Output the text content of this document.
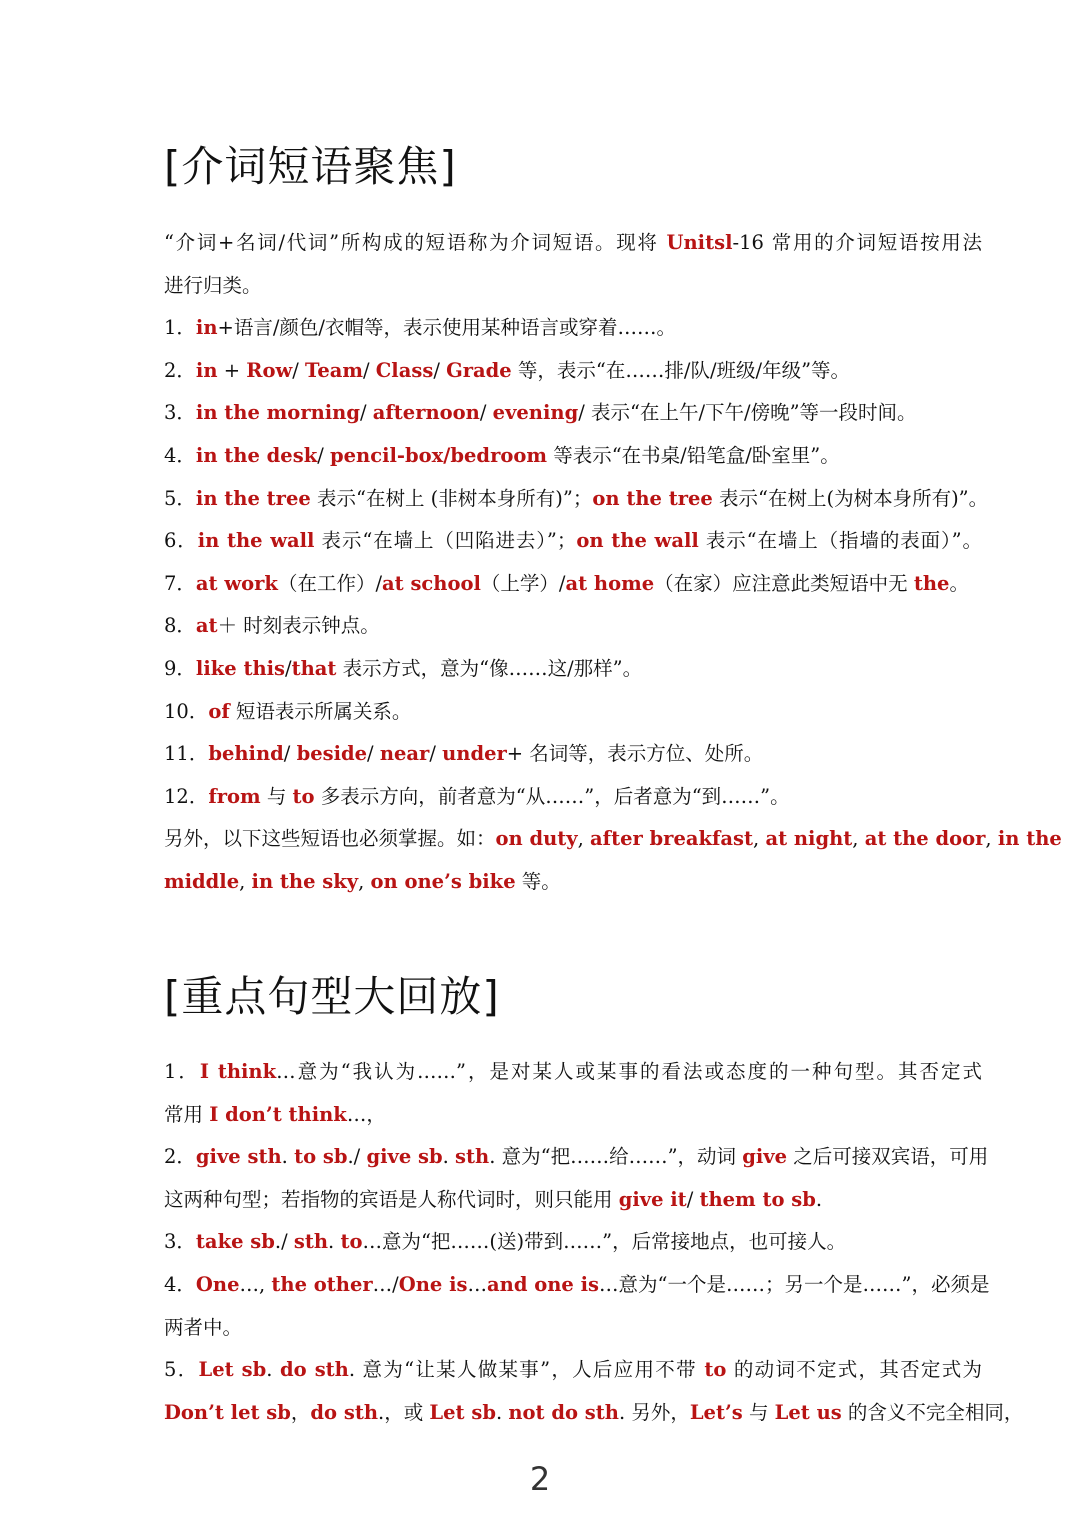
[介词短语聚焦]

“介词+名词/代词”所构成的短语称为介词短语。现将 Unitsl-16 常用的介词短语按用法

进行归类。

1．in+语言/颜色/衣帽等，表示使用某种语言或穿着……。

2．in + Row/ Team/ Class/ Grade 等，表示“在……排/队/班级/年级”等。

3．in the morning/ afternoon/ evening/ 表示“在上午/下午/傍晚”等一段时间。

4．in the desk/ pencil-box/bedroom 等表示“在书桌/铅笔盒/卧室里”。

5．in the tree 表示“在树上 (非树本身所有)”；on the tree 表示“在树上(为树本身所有)”。

6．in the wall 表示“在墙上（凹陷进去）”；on the wall 表示“在墙上（指墙的表面）”。

7．at work（在工作）/at school（上学）/at home（在家）应注意此类短语中无 the。

8．at＋ 时刻表示钟点。

9．like this/that 表示方式，意为“像……这/那样”。

10．of 短语表示所属关系。

11．behind/ beside/ near/ under+ 名词等，表示方位、处所。

12．from 与 to 多表示方向，前者意为“从……”，后者意为“到……”。

另外，以下这些短语也必须掌握。如：on duty, after breakfast, at night, at the door, in the

middle, in the sky, on one’s bike 等。

[重点句型大回放]

1．I think…意为“我认为……”，是对某人或某事的看法或态度的一种句型。其否定式

常用 I don’t think…，

2．give sth. to sb./ give sb. sth. 意为“把……给……”，动词 give 之后可接双宾语，可用

这两种句型；若指物的宾语是人称代词时，则只能用 give it/ them to sb.

3．take sb./ sth. to…意为“把……(送)带到……”，后常接地点，也可接人。

4．One…, the other…/One is…and one is…意为“一个是……；另一个是……”，必须是

两者中。

5．Let sb. do sth. 意为“让某人做某事”，人后应用不带 to 的动词不定式，其否定式为

Don’t let sb，do sth.，或 Let sb. not do sth. 另外，Let’s 与 Let us 的含义不完全相同，

2
